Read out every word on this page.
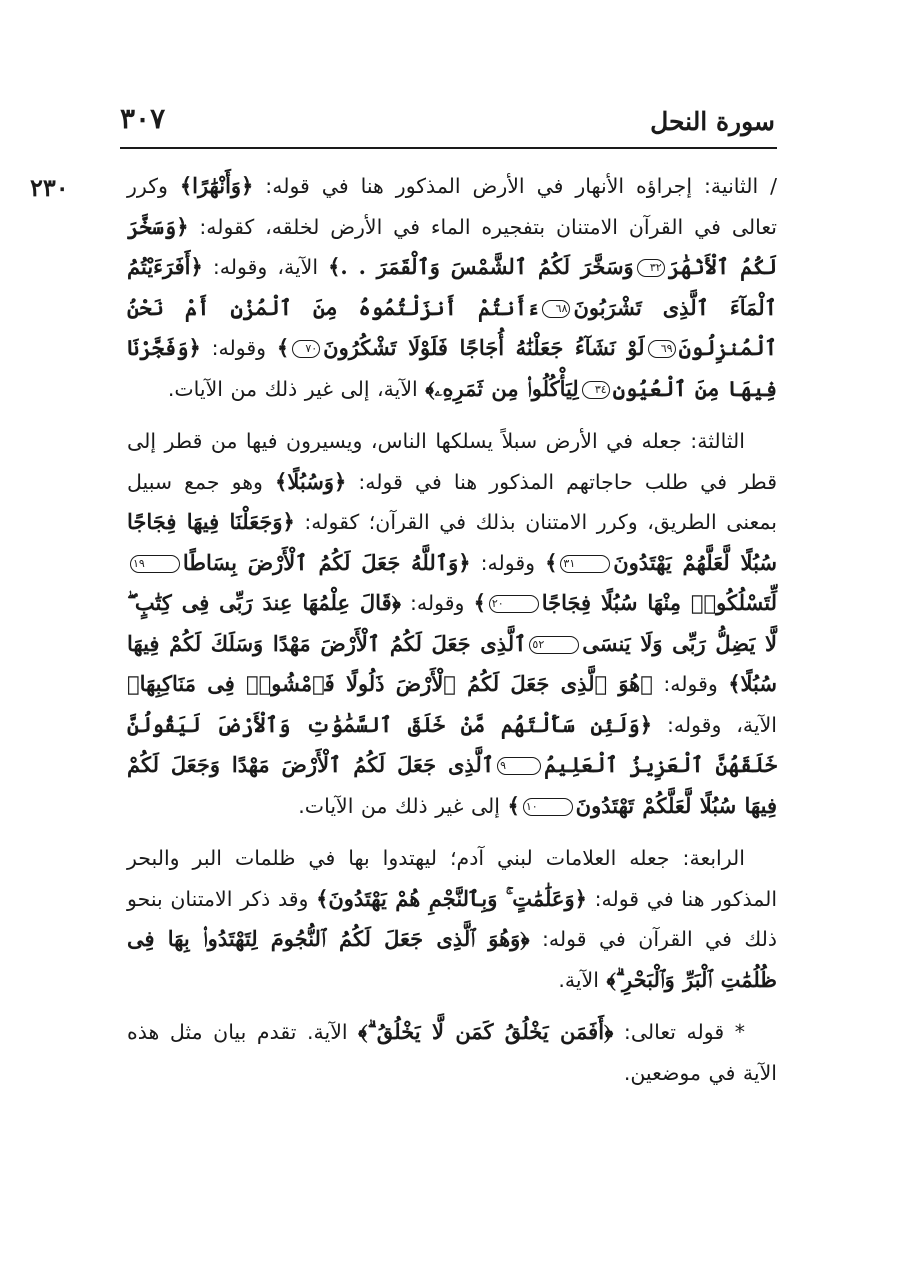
سورة النحل
٣٠٧
٢٣٠	/ الثانية: إجراؤه الأنهار في الأرض المذكور هنا في قوله: ﴿وَأَنْهَٰرًا﴾ وكرر تعالى في القرآن الامتنان بتفجيره الماء في الأرض لخلقه، كقوله: ﴿وَسَخَّرَ لَكُمُ ٱلْأَنْهَٰرَ٣٢وَسَخَّرَ لَكُمُ ٱلشَّمْسَ وَٱلْقَمَرَ . .﴾ الآية، وقوله: ﴿أَفَرَءَيْتُمُ ٱلْمَآءَ ٱلَّذِى تَشْرَبُونَ٦٨ءَأَنتُمْ أَنزَلْتُمُوهُ مِنَ ٱلْمُزْنِ أَمْ نَحْنُ ٱلْمُنزِلُونَ٦٩لَوْ نَشَآءُ جَعَلْنَٰهُ أُجَاجًا فَلَوْلَا تَشْكُرُونَ٧٠﴾ وقوله: ﴿وَفَجَّرْنَا فِيهَا مِنَ ٱلْعُيُونِ٣٤لِيَأْكُلُوا۟ مِن ثَمَرِهِۦ﴾ الآية، إلى غير ذلك من الآيات.

الثالثة: جعله في الأرض سبلاً يسلكها الناس، ويسيرون فيها من قطر إلى قطر في طلب حاجاتهم المذكور هنا في قوله: ﴿وَسُبُلًا﴾ وهو جمع سبيل بمعنى الطريق، وكرر الامتنان بذلك في القرآن؛ كقوله: ﴿وَجَعَلْنَا فِيهَا فِجَاجًا سُبُلًا لَّعَلَّهُمْ يَهْتَدُونَ٣١﴾ وقوله: ﴿وَٱللَّهُ جَعَلَ لَكُمُ ٱلْأَرْضَ بِسَاطًا١٩لِّتَسْلُكُوا۟ مِنْهَا سُبُلًا فِجَاجًا٢٠﴾ وقوله: ﴿قَالَ عِلْمُهَا عِندَ رَبِّى فِى كِتَٰبٍ ۖ لَّا يَضِلُّ رَبِّى وَلَا يَنسَى٥٢ٱلَّذِى جَعَلَ لَكُمُ ٱلْأَرْضَ مَهْدًا وَسَلَكَ لَكُمْ فِيهَا سُبُلًا﴾ وقوله: ﴿هُوَ ٱلَّذِى جَعَلَ لَكُمُ ٱلْأَرْضَ ذَلُولًا فَٱمْشُوا۟ فِى مَنَاكِبِهَا﴾ الآية، وقوله: ﴿وَلَئِن سَأَلْتَهُم مَّنْ خَلَقَ ٱلسَّمَٰوَٰتِ وَٱلْأَرْضَ لَيَقُولُنَّ خَلَقَهُنَّ ٱلْعَزِيزُ ٱلْعَلِيمُ٩ٱلَّذِى جَعَلَ لَكُمُ ٱلْأَرْضَ مَهْدًا وَجَعَلَ لَكُمْ فِيهَا سُبُلًا لَّعَلَّكُمْ تَهْتَدُونَ١٠﴾ إلى غير ذلك من الآيات.

الرابعة: جعله العلامات لبني آدم؛ ليهتدوا بها في ظلمات البر والبحر المذكور هنا في قوله: ﴿وَعَلَٰمَٰتٍ ۚ وَبِٱلنَّجْمِ هُمْ يَهْتَدُونَ﴾ وقد ذكر الامتنان بنحو ذلك في القرآن في قوله: ﴿وَهُوَ ٱلَّذِى جَعَلَ لَكُمُ ٱلنُّجُومَ لِتَهْتَدُوا۟ بِهَا فِى ظُلُمَٰتِ ٱلْبَرِّ وَٱلْبَحْرِ ۗ﴾ الآية.

* قوله تعالى: ﴿أَفَمَن يَخْلُقُ كَمَن لَّا يَخْلُقُ ۗ﴾ الآية. تقدم بيان مثل هذه الآية في موضعين.
